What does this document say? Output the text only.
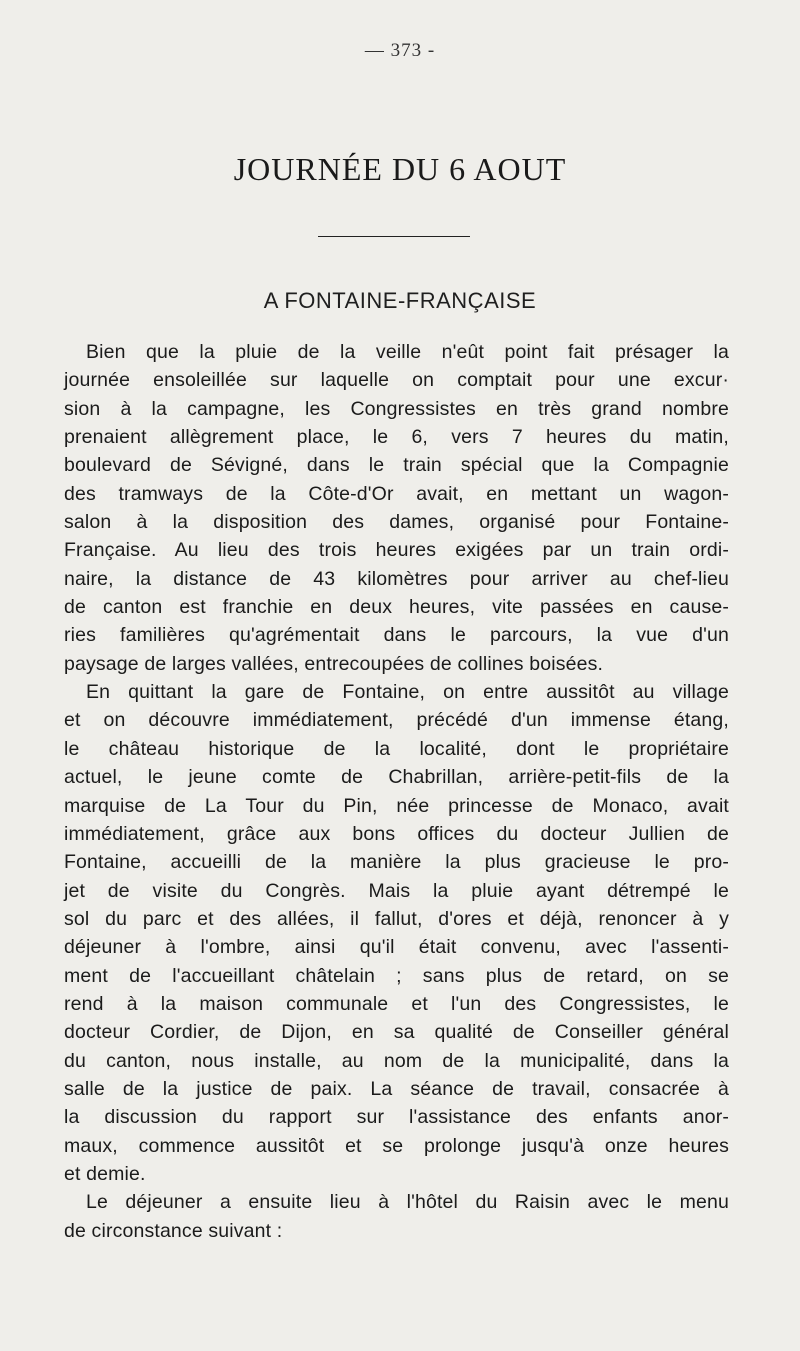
— 373 -
JOURNÉE DU 6 AOUT
A FONTAINE-FRANÇAISE
Bien que la pluie de la veille n'eût point fait présager la
journée ensoleillée sur laquelle on comptait pour une excur·
sion à la campagne, les Congressistes en très grand nombre
prenaient allègrement place, le 6, vers 7 heures du matin,
boulevard de Sévigné, dans le train spécial que la Compagnie
des tramways de la Côte-d'Or avait, en mettant un wagon-
salon à la disposition des dames, organisé pour Fontaine-
Française. Au lieu des trois heures exigées par un train ordi-
naire, la distance de 43 kilomètres pour arriver au chef-lieu
de canton est franchie en deux heures, vite passées en cause-
ries familières qu'agrémentait dans le parcours, la vue d'un
paysage de larges vallées, entrecoupées de collines boisées.
En quittant la gare de Fontaine, on entre aussitôt au village
et on découvre immédiatement, précédé d'un immense étang,
le château historique de la localité, dont le propriétaire
actuel, le jeune comte de Chabrillan, arrière-petit-fils de la
marquise de La Tour du Pin, née princesse de Monaco, avait
immédiatement, grâce aux bons offices du docteur Jullien de
Fontaine, accueilli de la manière la plus gracieuse le pro-
jet de visite du Congrès. Mais la pluie ayant détrempé le
sol du parc et des allées, il fallut, d'ores et déjà, renoncer à y
déjeuner à l'ombre, ainsi qu'il était convenu, avec l'assenti-
ment de l'accueillant châtelain ; sans plus de retard, on se
rend à la maison communale et l'un des Congressistes, le
docteur Cordier, de Dijon, en sa qualité de Conseiller général
du canton, nous installe, au nom de la municipalité, dans la
salle de la justice de paix. La séance de travail, consacrée à
la discussion du rapport sur l'assistance des enfants anor-
maux, commence aussitôt et se prolonge jusqu'à onze heures
et demie.
Le déjeuner a ensuite lieu à l'hôtel du Raisin avec le menu
de circonstance suivant :
